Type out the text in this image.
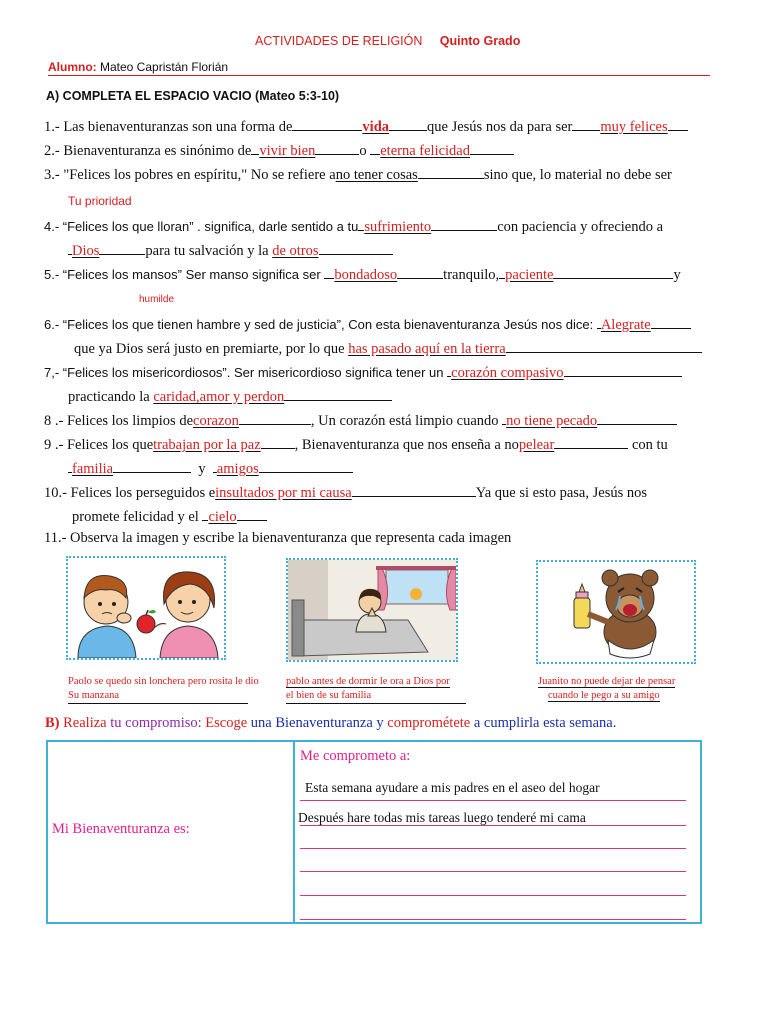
ACTIVIDADES DE RELIGIÓN Quinto Grado
Alumno: Mateo Capristán Florián
A) COMPLETA EL ESPACIO VACIO (Mateo 5:3-10)
1.- Las bienaventuranzas son una forma de	vida	que Jesús nos da para ser muy felices
2.- Bienaventuranza es sinónimo de vivir bien	o eterna felicidad
3.- "Felices los pobres en espíritu," No se refiere ano tener cosas	sino que, lo material no debe ser
Tu prioridad
4.- “Felices los que lloran” . significa, darle sentido a tu sufrimiento	con paciencia y ofreciendo a
Dios	para tu salvación y la de otros
5.- “Felices los mansos” Ser manso significa ser bondadoso	tranquilo, paciente	y
humilde
6.- “Felices los que tienen hambre y sed de justicia”, Con esta bienaventuranza Jesús nos dice: Alegrate
que ya Dios será justo en premiarte, por lo que has pasado aquí en la tierra
7,- “Felices los misericordiosos”. Ser misericordioso significa tener un corazón compasivo
practicando la caridad,amor y perdon
8 .- Felices los limpios decorazon	, Un corazón está limpio cuando no tiene pecado
9 .- Felices los quetrabajan por la paz , Bienaventuranza que nos enseña a nopelear	con tu
familia	y amigos
10.- Felices los perseguidos einsultados por mi causa	Ya que si esto pasa, Jesús nos
promete felicidad y el cielo
11.- Observa la imagen y escribe la bienaventuranza que representa cada imagen
Paolo se quedo sin lonchera pero rosita le dio
Su manzana
pablo antes de dormir le ora a Dios por
el bien de su familia
Juanito no puede dejar de pensar
cuando le pego a su amigo
B) Realiza tu compromiso: Escoge una Bienaventuranza y comprométete a cumplirla esta semana.
Mi Bienaventuranza es:
Me comprometo a:
Esta semana ayudare a mis padres en el aseo del hogar
Después hare todas mis tareas luego tenderé mi cama
